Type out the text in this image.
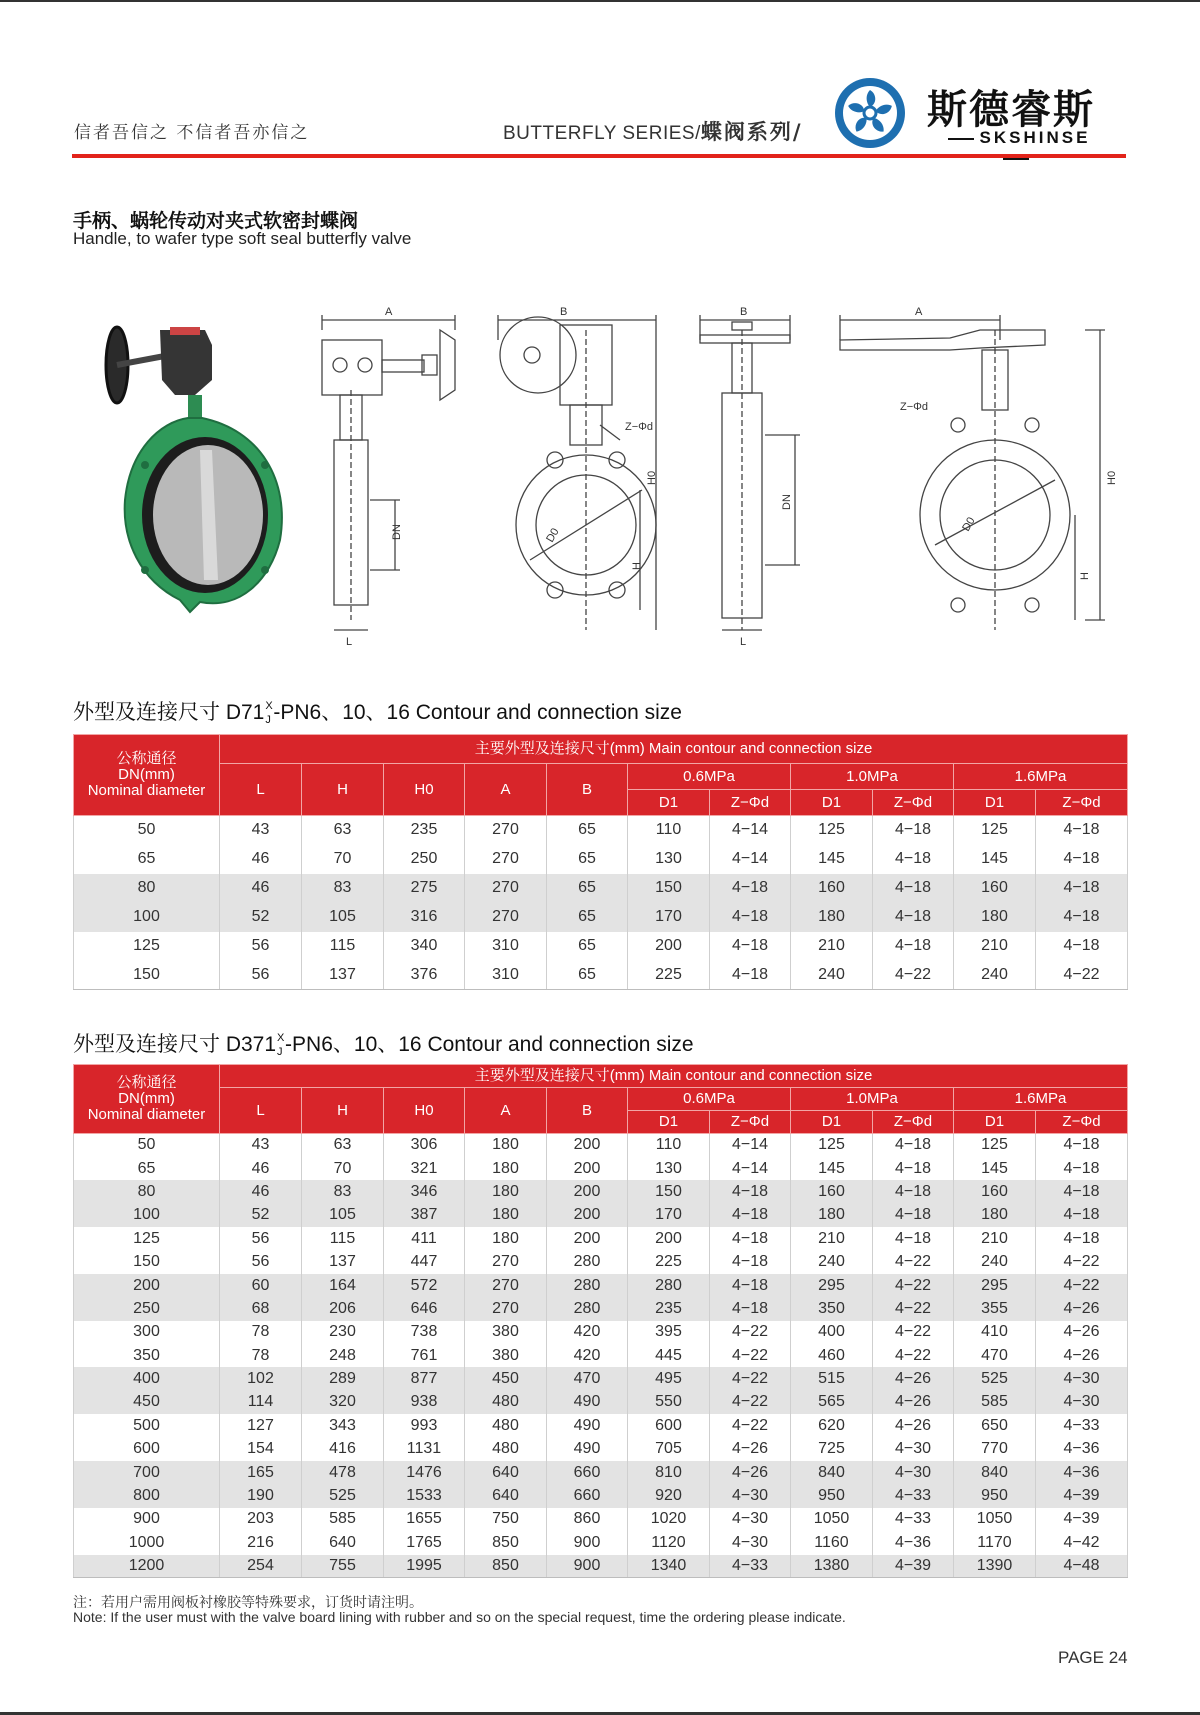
信者吾信之 不信者吾亦信之	BUTTERFLY SERIES/蝶阀系列/	斯德睿斯
SKSHINSE
手柄、蜗轮传动对夹式软密封蝶阀
Handle, to wafer type soft seal butterfly valve
A
L
DN
B
Z−Φd
D0
H0
H
B
L
DN
A
Z−Φd
D0
H0
H
外型及连接尺寸 D71 X
J -PN6、10、16 Contour and connection size
公称通径
DN(mm)
Nominal diameter	主要外型及连接尺寸(mm) Main contour and connection size										
	L	H	H0	A	B	0.6MPa		1.0MPa		1.6MPa	
						D1	Z−Φd	D1	Z−Φd	D1	Z−Φd
50	43	63	235	270	65	110	4−14	125	4−18	125	4−18
65	46	70	250	270	65	130	4−14	145	4−18	145	4−18
80	46	83	275	270	65	150	4−18	160	4−18	160	4−18
100	52	105	316	270	65	170	4−18	180	4−18	180	4−18
125	56	115	340	310	65	200	4−18	210	4−18	210	4−18
150	56	137	376	310	65	225	4−18	240	4−22	240	4−22
外型及连接尺寸 D371 X
J -PN6、10、16 Contour and connection size
公称通径
DN(mm)
Nominal diameter	主要外型及连接尺寸(mm) Main contour and connection size										
	L	H	H0	A	B	0.6MPa		1.0MPa		1.6MPa	
						D1	Z−Φd	D1	Z−Φd	D1	Z−Φd
50	43	63	306	180	200	110	4−14	125	4−18	125	4−18
65	46	70	321	180	200	130	4−14	145	4−18	145	4−18
80	46	83	346	180	200	150	4−18	160	4−18	160	4−18
100	52	105	387	180	200	170	4−18	180	4−18	180	4−18
125	56	115	411	180	200	200	4−18	210	4−18	210	4−18
150	56	137	447	270	280	225	4−18	240	4−22	240	4−22
200	60	164	572	270	280	280	4−18	295	4−22	295	4−22
250	68	206	646	270	280	235	4−18	350	4−22	355	4−26
300	78	230	738	380	420	395	4−22	400	4−22	410	4−26
350	78	248	761	380	420	445	4−22	460	4−22	470	4−26
400	102	289	877	450	470	495	4−22	515	4−26	525	4−30
450	114	320	938	480	490	550	4−22	565	4−26	585	4−30
500	127	343	993	480	490	600	4−22	620	4−26	650	4−33
600	154	416	1131	480	490	705	4−26	725	4−30	770	4−36
700	165	478	1476	640	660	810	4−26	840	4−30	840	4−36
800	190	525	1533	640	660	920	4−30	950	4−33	950	4−39
900	203	585	1655	750	860	1020	4−30	1050	4−33	1050	4−39
1000	216	640	1765	850	900	1120	4−30	1160	4−36	1170	4−42
1200	254	755	1995	850	900	1340	4−33	1380	4−39	1390	4−48
注：若用户需用阀板衬橡胶等特殊要求，订货时请注明。
Note: If the user must with the valve board lining with rubber and so on the special request, time the ordering please indicate.
PAGE 24
